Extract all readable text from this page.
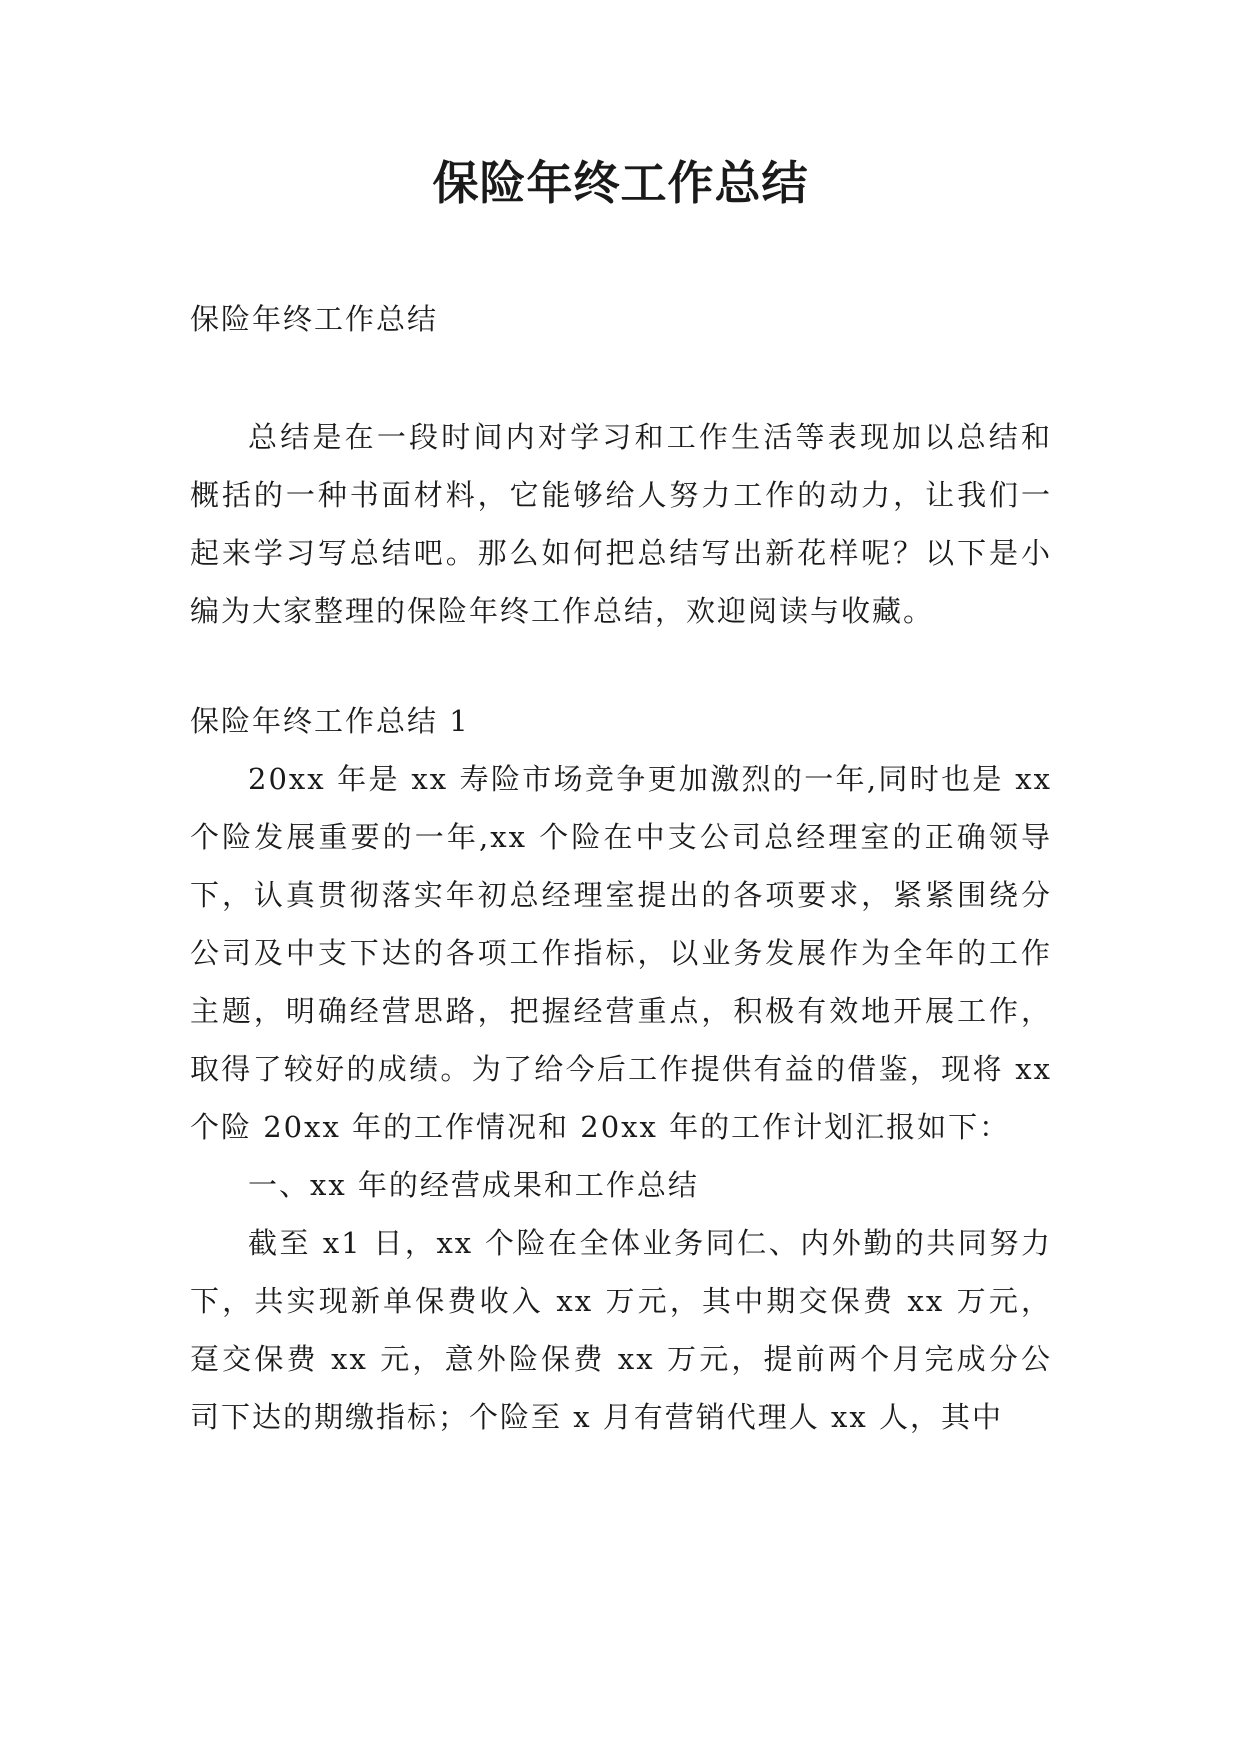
保险年终工作总结

保险年终工作总结

总结是在一段时间内对学习和工作生活等表现加以总结和概括的一种书面材料，它能够给人努力工作的动力，让我们一起来学习写总结吧。那么如何把总结写出新花样呢？以下是小编为大家整理的保险年终工作总结，欢迎阅读与收藏。

保险年终工作总结 1

20xx 年是 xx 寿险市场竞争更加激烈的一年,同时也是 xx 个险发展重要的一年,xx 个险在中支公司总经理室的正确领导下，认真贯彻落实年初总经理室提出的各项要求，紧紧围绕分公司及中支下达的各项工作指标，以业务发展作为全年的工作主题，明确经营思路，把握经营重点，积极有效地开展工作，取得了较好的成绩。为了给今后工作提供有益的借鉴，现将 xx 个险 20xx 年的工作情况和 20xx 年的工作计划汇报如下：

一、xx 年的经营成果和工作总结

截至 x1 日，xx 个险在全体业务同仁、内外勤的共同努力下，共实现新单保费收入 xx 万元，其中期交保费 xx 万元，趸交保费 xx 元，意外险保费 xx 万元，提前两个月完成分公司下达的期缴指标；个险至 x 月有营销代理人 xx 人，其中
